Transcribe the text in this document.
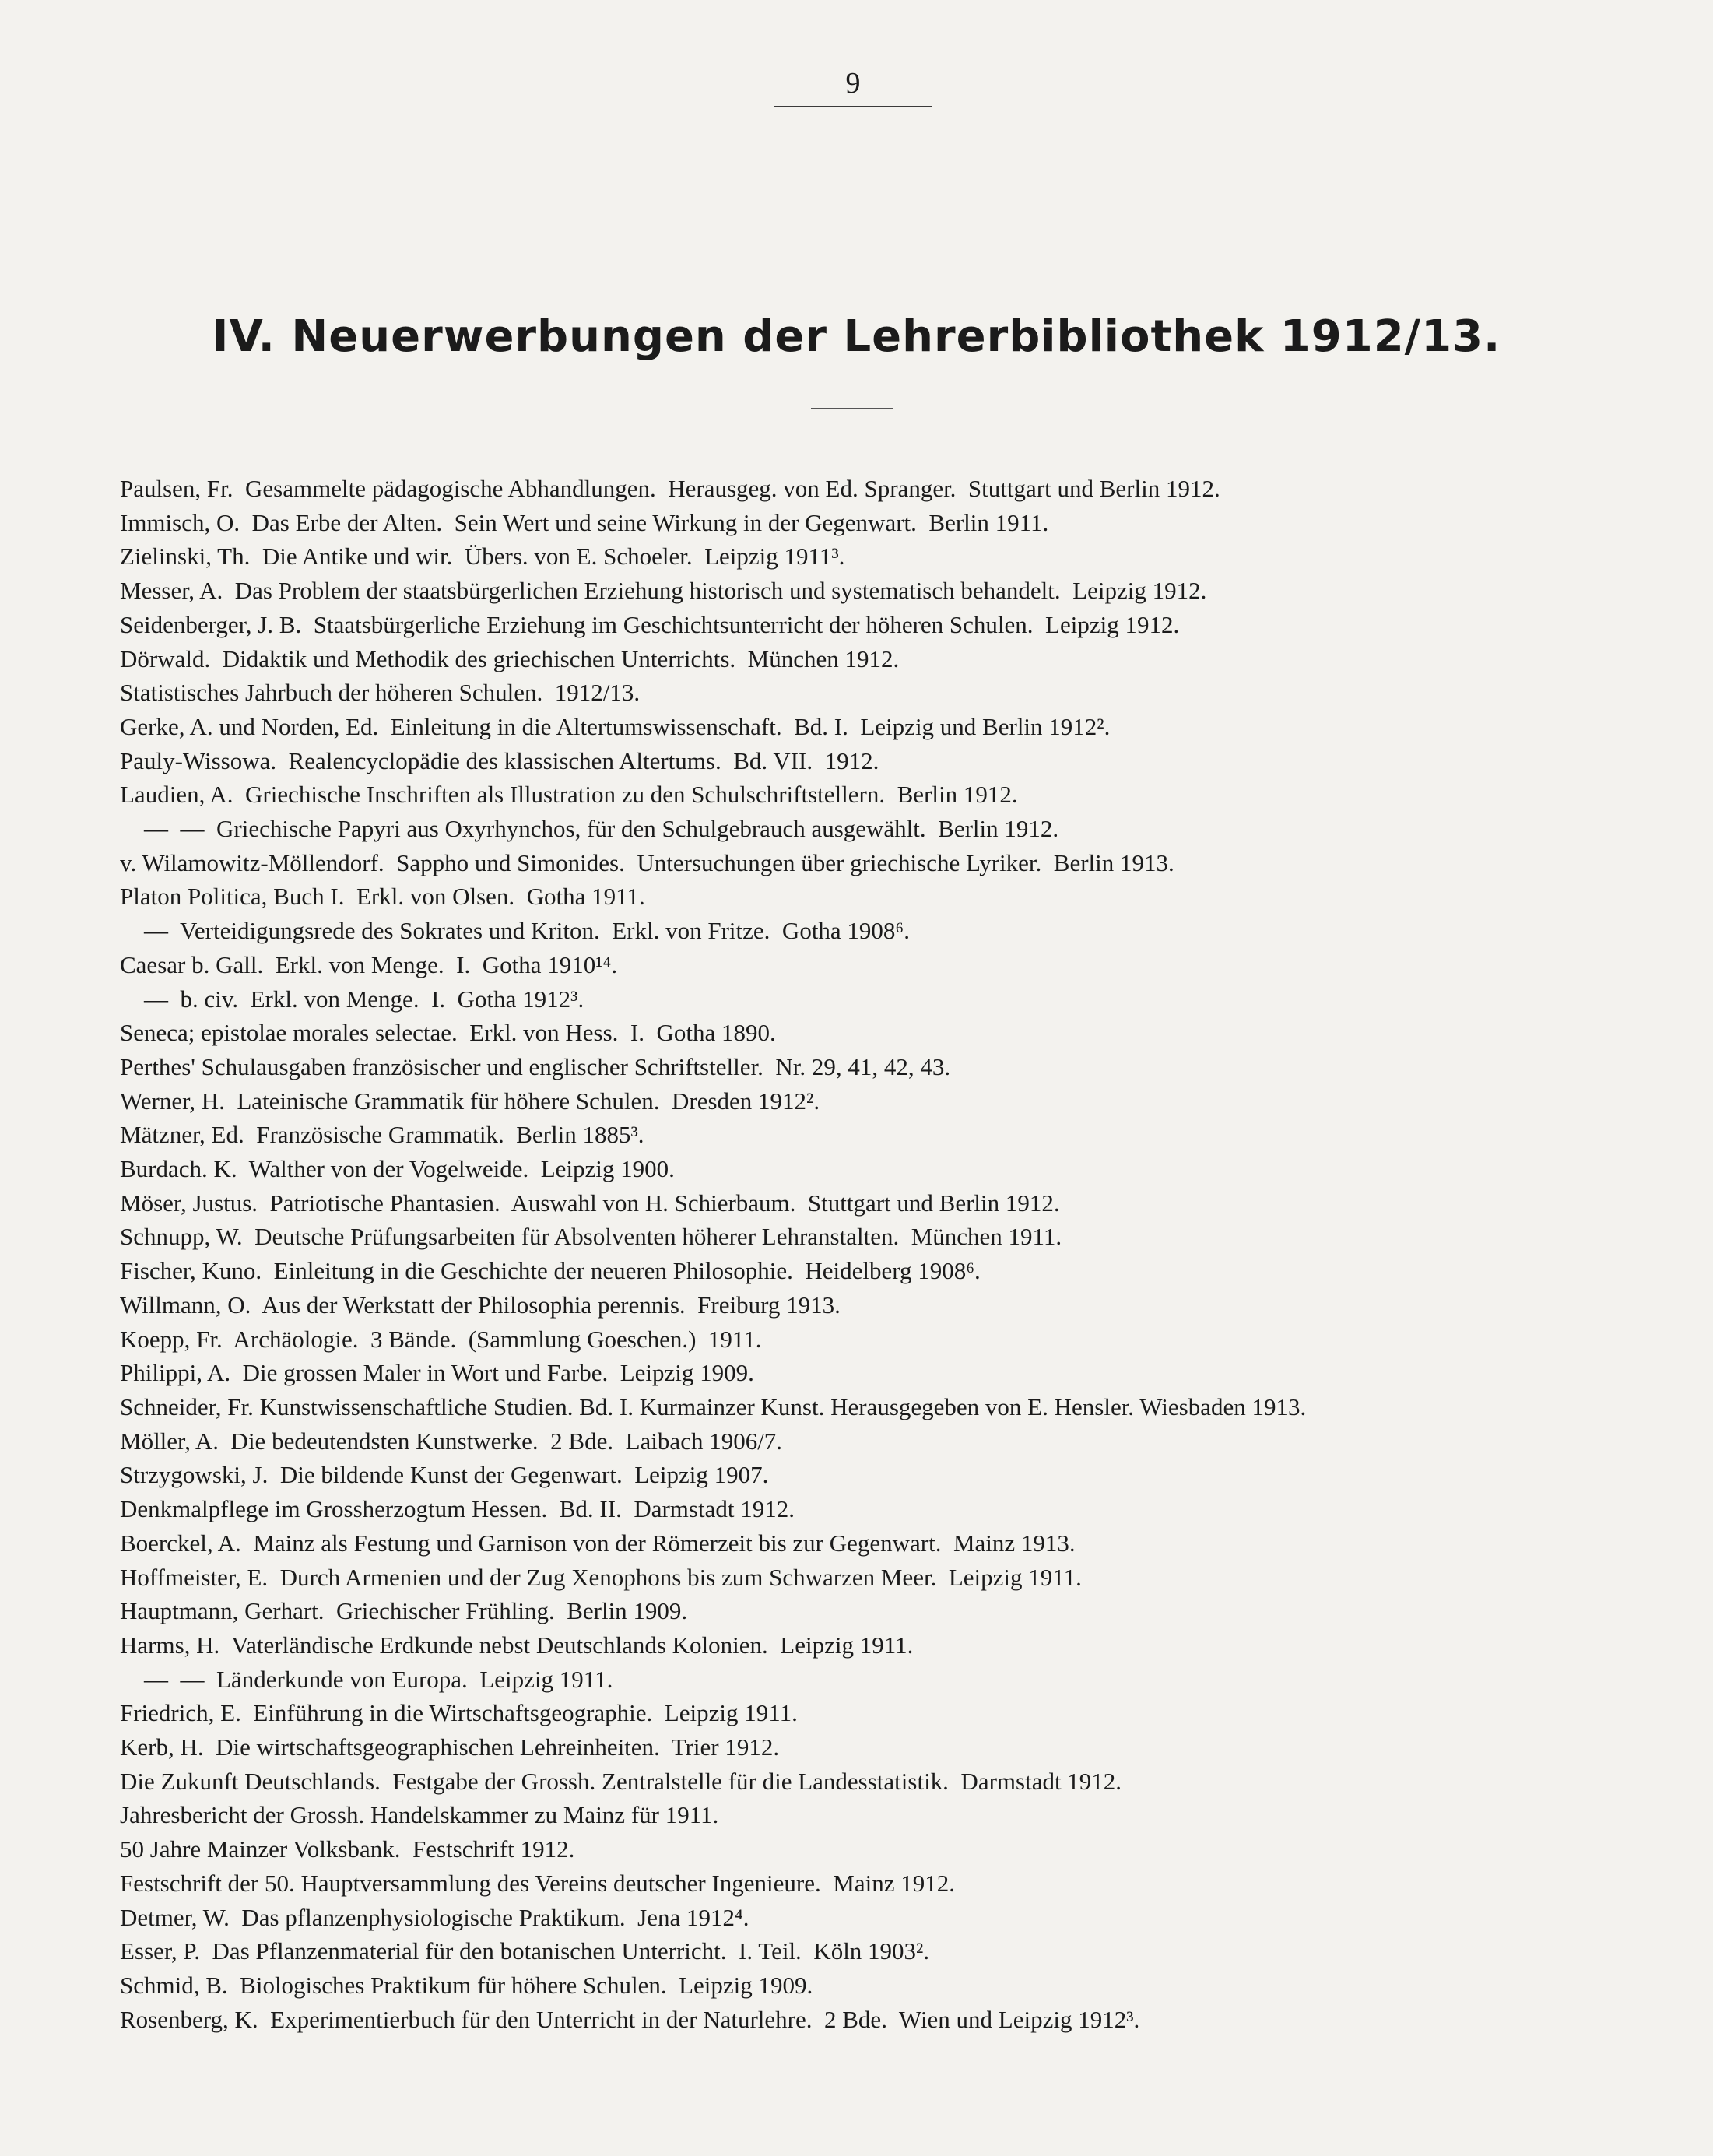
9
IV. Neuerwerbungen der Lehrerbibliothek 1912/13.
Paulsen, Fr.  Gesammelte pädagogische Abhandlungen.  Herausgeg. von Ed. Spranger.  Stuttgart und Berlin 1912.
Immisch, O.  Das Erbe der Alten.  Sein Wert und seine Wirkung in der Gegenwart.  Berlin 1911.
Zielinski, Th.  Die Antike und wir.  Übers. von E. Schoeler.  Leipzig 1911³.
Messer, A.  Das Problem der staatsbürgerlichen Erziehung historisch und systematisch behandelt.  Leipzig 1912.
Seidenberger, J. B.  Staatsbürgerliche Erziehung im Geschichtsunterricht der höheren Schulen.  Leipzig 1912.
Dörwald.  Didaktik und Methodik des griechischen Unterrichts.  München 1912.
Statistisches Jahrbuch der höheren Schulen.  1912/13.
Gerke, A. und Norden, Ed.  Einleitung in die Altertumswissenschaft.  Bd. I.  Leipzig und Berlin 1912².
Pauly-Wissowa.  Realencyclopädie des klassischen Altertums.  Bd. VII.  1912.
Laudien, A.  Griechische Inschriften als Illustration zu den Schulschriftstellern.  Berlin 1912.
—  —  Griechische Papyri aus Oxyrhynchos, für den Schulgebrauch ausgewählt.  Berlin 1912.
v. Wilamowitz-Möllendorf.  Sappho und Simonides.  Untersuchungen über griechische Lyriker.  Berlin 1913.
Platon Politica, Buch I.  Erkl. von Olsen.  Gotha 1911.
—  Verteidigungsrede des Sokrates und Kriton.  Erkl. von Fritze.  Gotha 1908⁶.
Caesar b. Gall.  Erkl. von Menge.  I.  Gotha 1910¹⁴.
—  b. civ.  Erkl. von Menge.  I.  Gotha 1912³.
Seneca; epistolae morales selectae.  Erkl. von Hess.  I.  Gotha 1890.
Perthes' Schulausgaben französischer und englischer Schriftsteller.  Nr. 29, 41, 42, 43.
Werner, H.  Lateinische Grammatik für höhere Schulen.  Dresden 1912².
Mätzner, Ed.  Französische Grammatik.  Berlin 1885³.
Burdach. K.  Walther von der Vogelweide.  Leipzig 1900.
Möser, Justus.  Patriotische Phantasien.  Auswahl von H. Schierbaum.  Stuttgart und Berlin 1912.
Schnupp, W.  Deutsche Prüfungsarbeiten für Absolventen höherer Lehranstalten.  München 1911.
Fischer, Kuno.  Einleitung in die Geschichte der neueren Philosophie.  Heidelberg 1908⁶.
Willmann, O.  Aus der Werkstatt der Philosophia perennis.  Freiburg 1913.
Koepp, Fr.  Archäologie.  3 Bände.  (Sammlung Goeschen.)  1911.
Philippi, A.  Die grossen Maler in Wort und Farbe.  Leipzig 1909.
Schneider, Fr. Kunstwissenschaftliche Studien. Bd. I. Kurmainzer Kunst. Herausgegeben von E. Hensler. Wiesbaden 1913.
Möller, A.  Die bedeutendsten Kunstwerke.  2 Bde.  Laibach 1906/7.
Strzygowski, J.  Die bildende Kunst der Gegenwart.  Leipzig 1907.
Denkmalpflege im Grossherzogtum Hessen.  Bd. II.  Darmstadt 1912.
Boerckel, A.  Mainz als Festung und Garnison von der Römerzeit bis zur Gegenwart.  Mainz 1913.
Hoffmeister, E.  Durch Armenien und der Zug Xenophons bis zum Schwarzen Meer.  Leipzig 1911.
Hauptmann, Gerhart.  Griechischer Frühling.  Berlin 1909.
Harms, H.  Vaterländische Erdkunde nebst Deutschlands Kolonien.  Leipzig 1911.
—  —  Länderkunde von Europa.  Leipzig 1911.
Friedrich, E.  Einführung in die Wirtschaftsgeographie.  Leipzig 1911.
Kerb, H.  Die wirtschaftsgeographischen Lehreinheiten.  Trier 1912.
Die Zukunft Deutschlands.  Festgabe der Grossh. Zentralstelle für die Landesstatistik.  Darmstadt 1912.
Jahresbericht der Grossh. Handelskammer zu Mainz für 1911.
50 Jahre Mainzer Volksbank.  Festschrift 1912.
Festschrift der 50. Hauptversammlung des Vereins deutscher Ingenieure.  Mainz 1912.
Detmer, W.  Das pflanzenphysiologische Praktikum.  Jena 1912⁴.
Esser, P.  Das Pflanzenmaterial für den botanischen Unterricht.  I. Teil.  Köln 1903².
Schmid, B.  Biologisches Praktikum für höhere Schulen.  Leipzig 1909.
Rosenberg, K.  Experimentierbuch für den Unterricht in der Naturlehre.  2 Bde.  Wien und Leipzig 1912³.
